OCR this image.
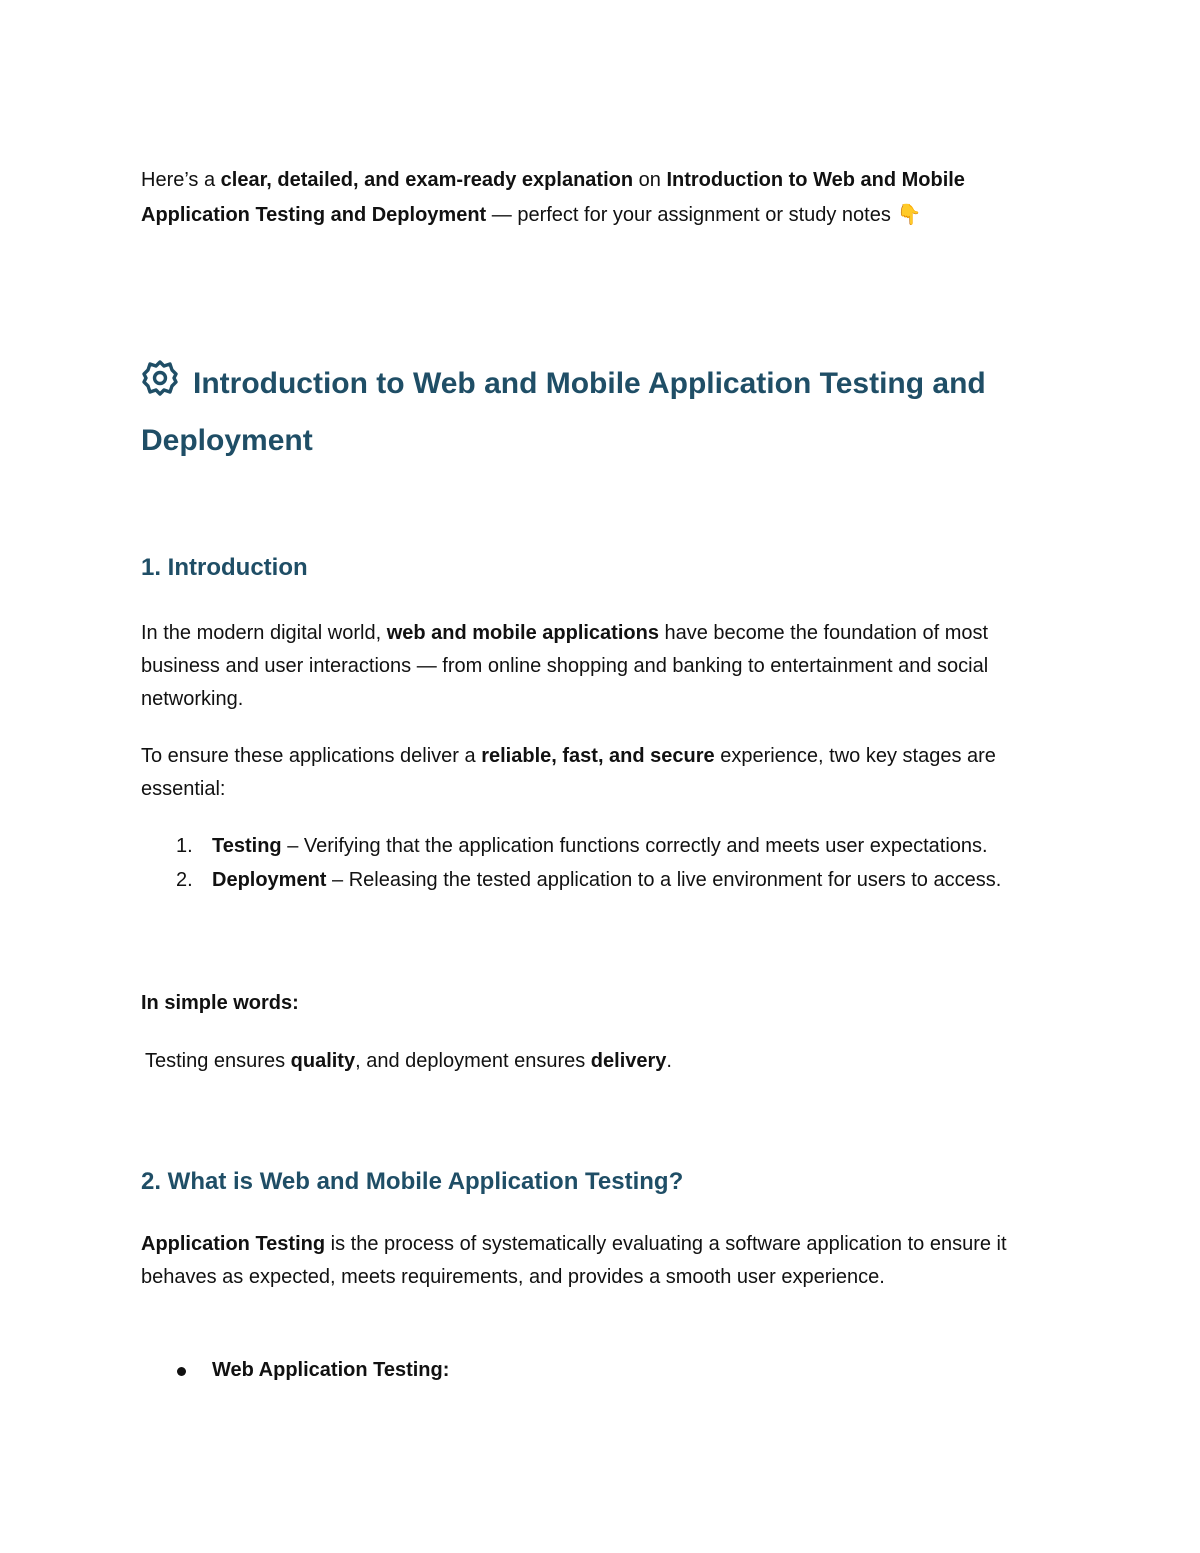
Here’s a clear, detailed, and exam-ready explanation on Introduction to Web and Mobile Application Testing and Deployment — perfect for your assignment or study notes 👇

Introduction to Web and Mobile Application Testing and Deployment
1. Introduction

In the modern digital world, web and mobile applications have become the foundation of most business and user interactions — from online shopping and banking to entertainment and social networking.

To ensure these applications deliver a reliable, fast, and secure experience, two key stages are essential:

1. Testing – Verifying that the application functions correctly and meets user expectations.
2. Deployment – Releasing the tested application to a live environment for users to access.

In simple words:

Testing ensures quality, and deployment ensures delivery.

2. What is Web and Mobile Application Testing?

Application Testing is the process of systematically evaluating a software application to ensure it behaves as expected, meets requirements, and provides a smooth user experience.

Web Application Testing:
